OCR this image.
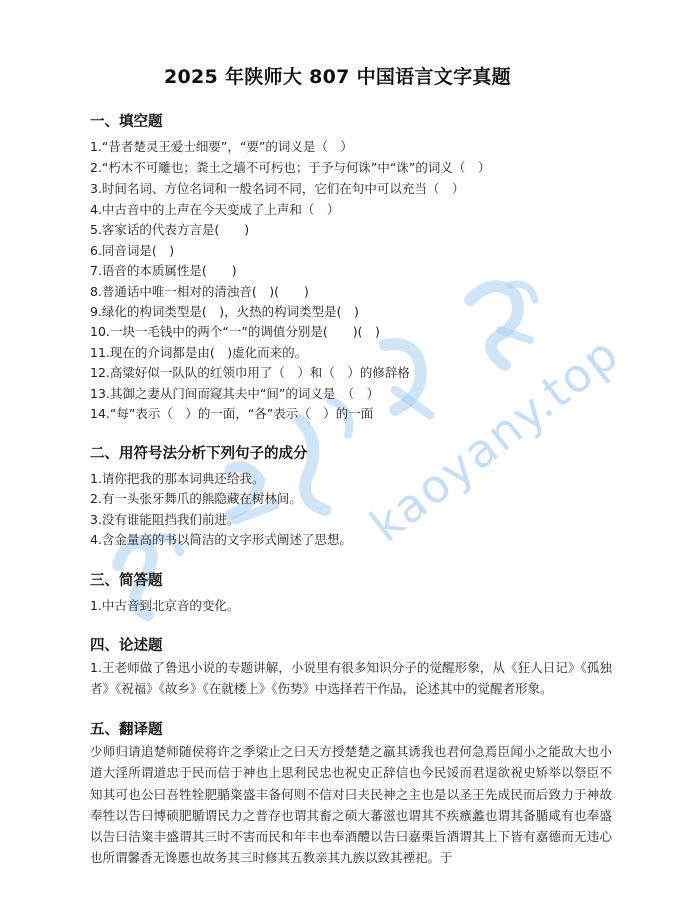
kaoyany.top
2025 年陕师大 807 中国语言文字真题
一、填空题
1.“昔者楚灵王爱士细要”，“要”的词义是（　）
2.“朽木不可雕也；粪土之墙不可杇也；于予与何诛”中“诛”的词义（　）
3.时间名词、方位名词和一般名词不同，它们在句中可以充当（　）
4.中古音中的上声在今天变成了上声和（　）
5.客家话的代表方言是(　　)
6.同音词是(　)
7.语音的本质属性是(　　)
8.普通话中唯一相对的清浊音(　)(　　)
9.绿化的构词类型是(　)，火热的构词类型是(　)
10.一块一毛钱中的两个“一”的调值分别是(　　)(　)
11.现在的介词都是由(　)虚化而来的。
12.高粱好似一队队的红领巾用了（　）和（　）的修辞格
13.其御之妻从门间而窥其夫中“间”的词义是　（　）
14.“每”表示（　）的一面，“各”表示（　）的一面
二、用符号法分析下列句子的成分
1.请你把我的那本词典还给我。
2.有一头张牙舞爪的熊隐藏在树林间。
3.没有谁能阻挡我们前进。
4.含金量高的书以简洁的文字形式阐述了思想。
三、简答题
1.中古音到北京音的变化。
四、论述题
1.王老师做了鲁迅小说的专题讲解，小说里有很多知识分子的觉醒形象，从《狂人日记》《孤独者》《祝福》《故乡》《在就楼上》《伤势》中选择若干作品，论述其中的觉醒者形象。
五、翻译题
少师归请追楚师随侯将许之季梁止之曰天方授楚楚之羸其诱我也君何急焉臣闻小之能敌大也小道大淫所谓道忠于民而信于神也上思利民忠也祝史正辞信也今民馁而君逞欲祝史矫举以祭臣不知其可也公曰吾牲牷肥腯粢盛丰备何则不信对曰夫民神之主也是以圣王先成民而后致力于神故奉牲以告曰博硕肥腯谓民力之普存也谓其畜之硕大蕃滋也谓其不疾瘯蠡也谓其备腯咸有也奉盛以告曰洁粢丰盛谓其三时不害而民和年丰也奉酒醴以告曰嘉栗旨酒谓其上下皆有嘉德而无违心也所谓馨香无谗慝也故务其三时修其五教亲其九族以致其禋祀。于
